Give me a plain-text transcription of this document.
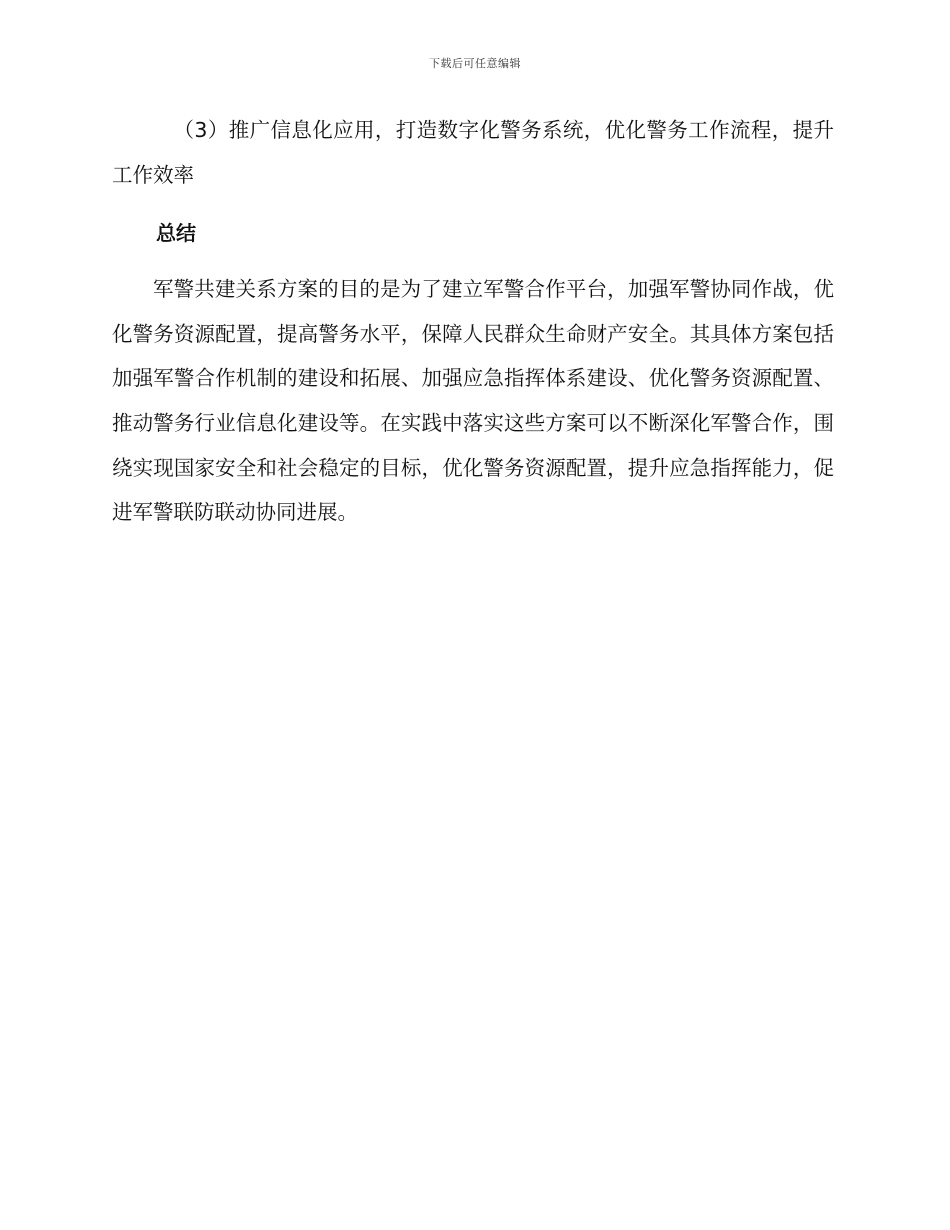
下载后可任意编辑

（3）推广信息化应用，打造数字化警务系统，优化警务工作流程，提升工作效率

总结

军警共建关系方案的目的是为了建立军警合作平台，加强军警协同作战，优化警务资源配置，提高警务水平，保障人民群众生命财产安全。其具体方案包括加强军警合作机制的建设和拓展、加强应急指挥体系建设、优化警务资源配置、推动警务行业信息化建设等。在实践中落实这些方案可以不断深化军警合作，围绕实现国家安全和社会稳定的目标，优化警务资源配置，提升应急指挥能力，促进军警联防联动协同进展。
